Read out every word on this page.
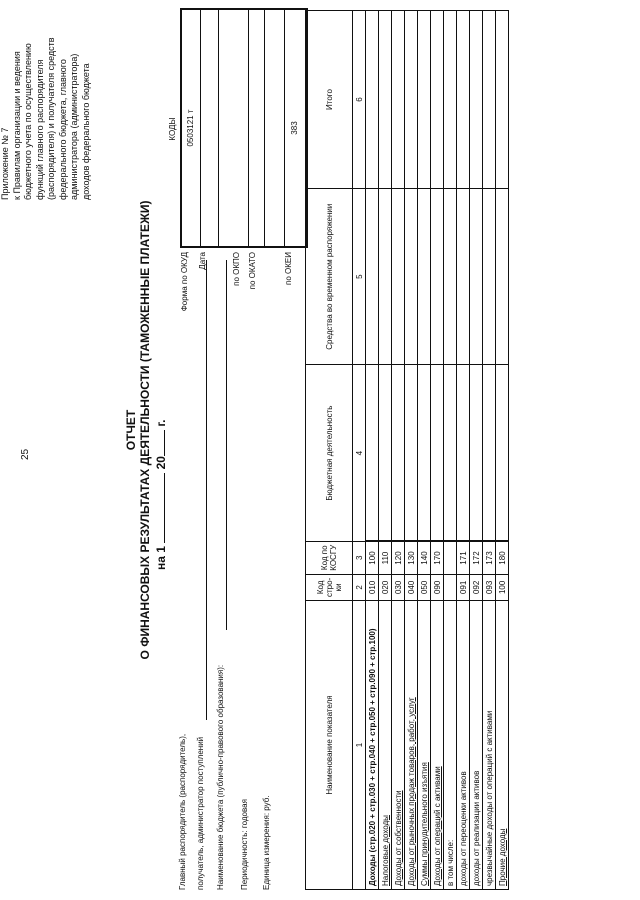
25
Приложение № 7 к Правилам организации и ведения бюджетного учета по осуществлению функций главного распорядителя (распорядителя) и получателя средств федерального бюджета, главного администратора (администратора) доходов федерального бюджета
ОТЧЕТ О ФИНАНСОВЫХ РЕЗУЛЬТАТАХ ДЕЯТЕЛЬНОСТИ (ТАМОЖЕННЫЕ ПЛАТЕЖИ) на 1  20 г.
Главный распорядитель (распорядитель), получатель, администратор поступлений Наименование бюджета (публично-правового образования): Периодичность: годовая Единица измерения: руб.
Форма по ОКУД Дата	по ОКПО по ОКАТО	по ОКЕИ
КОДЫ	0503121 т	383
Наименование показателя	Код стро-ки	Код по КОСГУ	Бюджетная деятельность	Средства во временном распоряжении	Итого
1	2	3	4	5	6
Доходы (стр.020 + стр.030 + стр.040 + стр.050 + стр.090 + стр.100)	010	100			
Налоговые доходы	020	110			
Доходы от собственности	030	120			
Доходы от рыночных продаж товаров, работ, услуг	040	130			
Суммы принудительного изъятия	050	140			
Доходы от операций с активами	090	170			
в том числе:					
доходы от переоценки активов	091	171			
доходы от реализации активов	092	172			
чрезвычайные доходы от операций с активами	093	173			
Прочие доходы	100	180			
